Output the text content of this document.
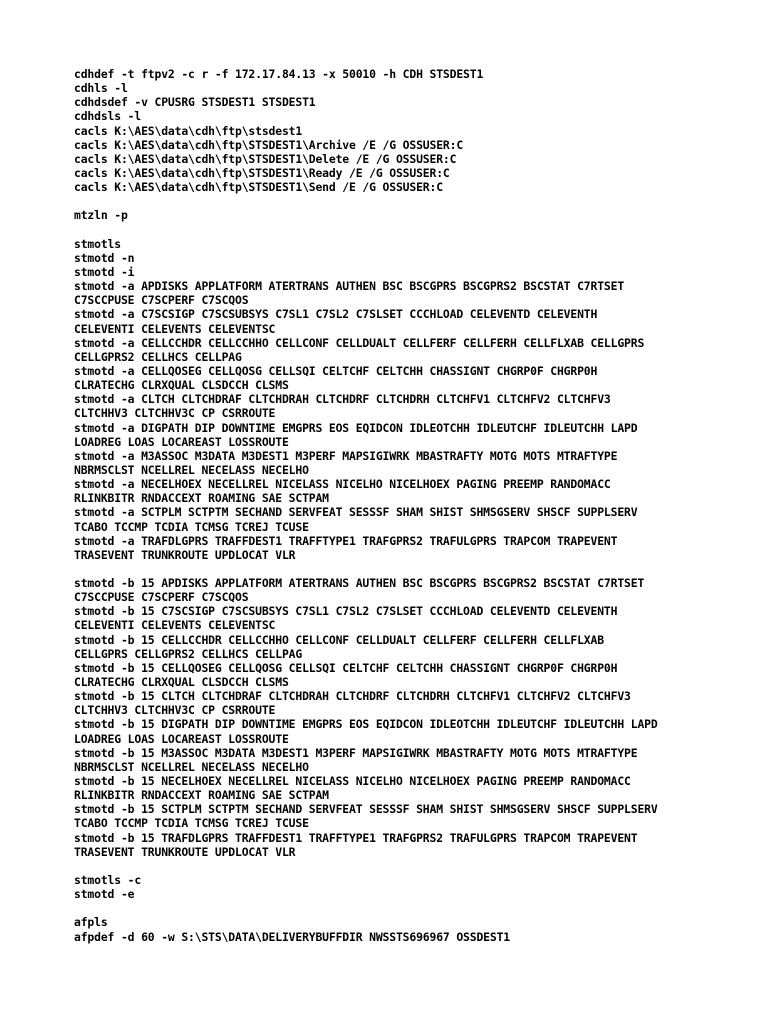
cdhdef -t ftpv2 -c r -f 172.17.84.13 -x 50010 -h CDH STSDEST1
cdhls -l
cdhdsdef -v CPUSRG STSDEST1 STSDEST1
cdhdsls -l
cacls K:\AES\data\cdh\ftp\stsdest1
cacls K:\AES\data\cdh\ftp\STSDEST1\Archive /E /G OSSUSER:C
cacls K:\AES\data\cdh\ftp\STSDEST1\Delete /E /G OSSUSER:C
cacls K:\AES\data\cdh\ftp\STSDEST1\Ready /E /G OSSUSER:C
cacls K:\AES\data\cdh\ftp\STSDEST1\Send /E /G OSSUSER:C
mtzln -p
stmotls
stmotd -n
stmotd -i
stmotd -a APDISKS APPLATFORM ATERTRANS AUTHEN BSC BSCGPRS BSCGPRS2 BSCSTAT C7RTSET
C7SCCPUSE C7SCPERF C7SCQOS
stmotd -a C7SCSIGP C7SCSUBSYS C7SL1 C7SL2 C7SLSET CCCHLOAD CELEVENTD CELEVENTH
CELEVENTI CELEVENTS CELEVENTSC
stmotd -a CELLCCHDR CELLCCHHO CELLCONF CELLDUALT CELLFERF CELLFERH CELLFLXAB CELLGPRS
CELLGPRS2 CELLHCS CELLPAG
stmotd -a CELLQOSEG CELLQOSG CELLSQI CELTCHF CELTCHH CHASSIGNT CHGRP0F CHGRP0H
CLRATECHG CLRXQUAL CLSDCCH CLSMS
stmotd -a CLTCH CLTCHDRAF CLTCHDRAH CLTCHDRF CLTCHDRH CLTCHFV1 CLTCHFV2 CLTCHFV3
CLTCHHV3 CLTCHHV3C CP CSRROUTE
stmotd -a DIGPATH DIP DOWNTIME EMGPRS EOS EQIDCON IDLEOTCHH IDLEUTCHF IDLEUTCHH LAPD
LOADREG LOAS LOCAREAST LOSSROUTE
stmotd -a M3ASSOC M3DATA M3DEST1 M3PERF MAPSIGIWRK MBASTRAFTY MOTG MOTS MTRAFTYPE
NBRMSCLST NCELLREL NECELASS NECELHO
stmotd -a NECELHOEX NECELLREL NICELASS NICELHO NICELHOEX PAGING PREEMP RANDOMACC
RLINKBITR RNDACCEXT ROAMING SAE SCTPAM
stmotd -a SCTPLM SCTPTM SECHAND SERVFEAT SESSSF SHAM SHIST SHMSGSERV SHSCF SUPPLSERV
TCABO TCCMP TCDIA TCMSG TCREJ TCUSE
stmotd -a TRAFDLGPRS TRAFFDEST1 TRAFFTYPE1 TRAFGPRS2 TRAFULGPRS TRAPCOM TRAPEVENT
TRASEVENT TRUNKROUTE UPDLOCAT VLR
stmotd -b 15 APDISKS APPLATFORM ATERTRANS AUTHEN BSC BSCGPRS BSCGPRS2 BSCSTAT C7RTSET
C7SCCPUSE C7SCPERF C7SCQOS
stmotd -b 15 C7SCSIGP C7SCSUBSYS C7SL1 C7SL2 C7SLSET CCCHLOAD CELEVENTD CELEVENTH
CELEVENTI CELEVENTS CELEVENTSC
stmotd -b 15 CELLCCHDR CELLCCHHO CELLCONF CELLDUALT CELLFERF CELLFERH CELLFLXAB
CELLGPRS CELLGPRS2 CELLHCS CELLPAG
stmotd -b 15 CELLQOSEG CELLQOSG CELLSQI CELTCHF CELTCHH CHASSIGNT CHGRP0F CHGRP0H
CLRATECHG CLRXQUAL CLSDCCH CLSMS
stmotd -b 15 CLTCH CLTCHDRAF CLTCHDRAH CLTCHDRF CLTCHDRH CLTCHFV1 CLTCHFV2 CLTCHFV3
CLTCHHV3 CLTCHHV3C CP CSRROUTE
stmotd -b 15 DIGPATH DIP DOWNTIME EMGPRS EOS EQIDCON IDLEOTCHH IDLEUTCHF IDLEUTCHH LAPD
LOADREG LOAS LOCAREAST LOSSROUTE
stmotd -b 15 M3ASSOC M3DATA M3DEST1 M3PERF MAPSIGIWRK MBASTRAFTY MOTG MOTS MTRAFTYPE
NBRMSCLST NCELLREL NECELASS NECELHO
stmotd -b 15 NECELHOEX NECELLREL NICELASS NICELHO NICELHOEX PAGING PREEMP RANDOMACC
RLINKBITR RNDACCEXT ROAMING SAE SCTPAM
stmotd -b 15 SCTPLM SCTPTM SECHAND SERVFEAT SESSSF SHAM SHIST SHMSGSERV SHSCF SUPPLSERV
TCABO TCCMP TCDIA TCMSG TCREJ TCUSE
stmotd -b 15 TRAFDLGPRS TRAFFDEST1 TRAFFTYPE1 TRAFGPRS2 TRAFULGPRS TRAPCOM TRAPEVENT
TRASEVENT TRUNKROUTE UPDLOCAT VLR
stmotls -c
stmotd -e
afpls
afpdef -d 60 -w S:\STS\DATA\DELIVERYBUFFDIR NWSSTS696967 OSSDEST1
